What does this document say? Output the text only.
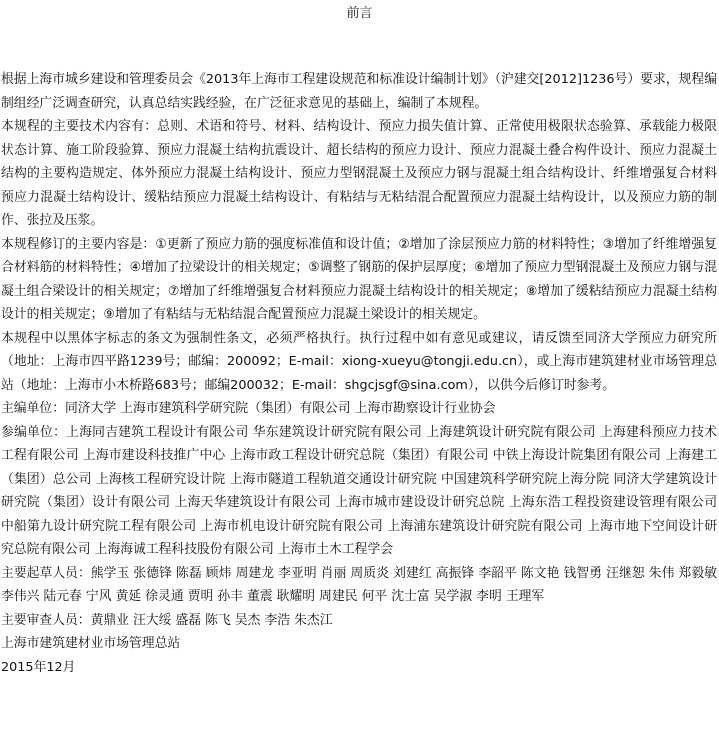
前言

根据上海市城乡建设和管理委员会《2013年上海市工程建设规范和标准设计编制计划》（沪建交[2012]1236号）要求，规程编制组经广泛调查研究，认真总结实践经验，在广泛征求意见的基础上，编制了本规程。

本规程的主要技术内容有：总则、术语和符号、材料、结构设计、预应力损失值计算、正常使用极限状态验算、承载能力极限状态计算、施工阶段验算、预应力混凝土结构抗震设计、超长结构的预应力设计、预应力混凝土叠合构件设计、预应力混凝土结构的主要构造规定、体外预应力混凝土结构设计、预应力型钢混凝土及预应力钢与混凝土组合结构设计、纤维增强复合材料预应力混凝土结构设计、缓粘结预应力混凝土结构设计、有粘结与无粘结混合配置预应力混凝土结构设计，以及预应力筋的制作、张拉及压浆。

本规程修订的主要内容是：①更新了预应力筋的强度标准值和设计值；②增加了涂层预应力筋的材料特性；③增加了纤维增强复合材料筋的材料特性；④增加了拉梁设计的相关规定；⑤调整了钢筋的保护层厚度；⑥增加了预应力型钢混凝土及预应力钢与混凝土组合梁设计的相关规定；⑦增加了纤维增强复合材料预应力混凝土结构设计的相关规定；⑧增加了缓粘结预应力混凝土结构设计的相关规定；⑨增加了有粘结与无粘结混合配置预应力混凝土梁设计的相关规定。

本规程中以黑体字标志的条文为强制性条文，必须严格执行。执行过程中如有意见或建议，请反馈至同济大学预应力研究所（地址：上海市四平路1239号；邮编：200092；E-mail：xiong-xueyu@tongji.edu.cn），或上海市建筑建材业市场管理总站（地址：上海市小木桥路683号；邮编200032；E-mail：shgcjsgf@sina.com），以供今后修订时参考。

主编单位：同济大学 上海市建筑科学研究院（集团）有限公司 上海市勘察设计行业协会

参编单位：上海同吉建筑工程设计有限公司 华东建筑设计研究院有限公司 上海建筑设计研究院有限公司 上海建科预应力技术工程有限公司 上海市建设科技推广中心 上海市政工程设计研究总院（集团）有限公司 中铁上海设计院集团有限公司 上海建工（集团）总公司 上海核工程研究设计院 上海市隧道工程轨道交通设计研究院 中国建筑科学研究院上海分院 同济大学建筑设计研究院（集团）设计有限公司 上海天华建筑设计有限公司 上海市城市建设设计研究总院 上海东浩工程投资建设管理有限公司 中船第九设计研究院工程有限公司 上海市机电设计研究院有限公司 上海浦东建筑设计研究院有限公司 上海市地下空间设计研究总院有限公司 上海海诚工程科技股份有限公司 上海市土木工程学会

主要起草人员：熊学玉 张德锋 陈磊 顾炜 周建龙 李亚明 肖丽 周质炎 刘建红 高振锋 李韶平 陈文艳 钱智勇 汪继恕 朱伟 郑毅敏 李伟兴 陆元春 宁风 黄延 徐灵通 贾明 孙丰 董震 耿耀明 周建民 何平 沈士富 吴学淑 李明 王理军

主要审查人员：黄鼎业 汪大绥 盛磊 陈飞 吴杰 李浩 朱杰江

上海市建筑建材业市场管理总站

2015年12月
